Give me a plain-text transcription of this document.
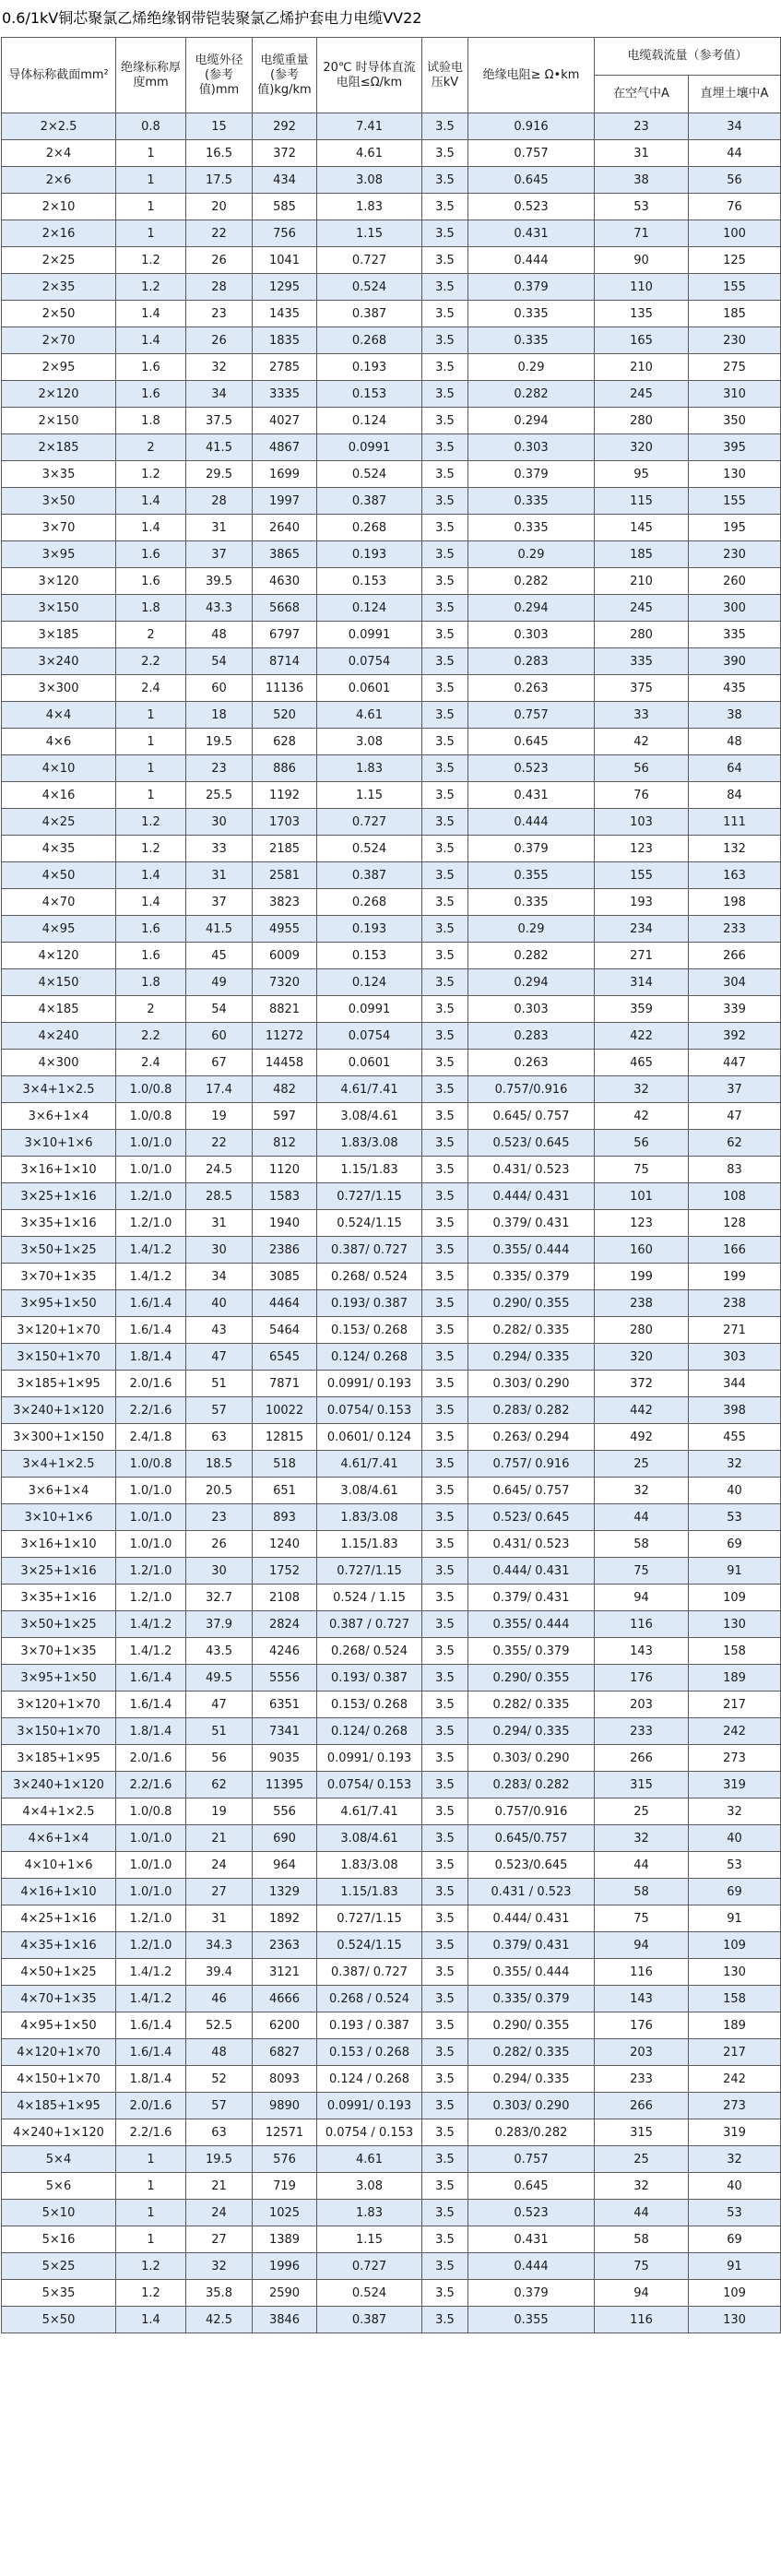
0.6/1kV铜芯聚氯乙烯绝缘钢带铠装聚氯乙烯护套电力电缆VV22
导体标称截面mm²	绝缘标称厚度mm	电缆外径(参考值)mm	电缆重量(参考值)kg/km	20℃ 时导体直流电阻≤Ω/km	试验电压kV	绝缘电阻≥ Ω•km	电缆载流量（参考值）	
							在空气中A	直埋土壤中A
2×2.5	0.8	15	292	7.41	3.5	0.916	23	34
2×4	1	16.5	372	4.61	3.5	0.757	31	44
2×6	1	17.5	434	3.08	3.5	0.645	38	56
2×10	1	20	585	1.83	3.5	0.523	53	76
2×16	1	22	756	1.15	3.5	0.431	71	100
2×25	1.2	26	1041	0.727	3.5	0.444	90	125
2×35	1.2	28	1295	0.524	3.5	0.379	110	155
2×50	1.4	23	1435	0.387	3.5	0.335	135	185
2×70	1.4	26	1835	0.268	3.5	0.335	165	230
2×95	1.6	32	2785	0.193	3.5	0.29	210	275
2×120	1.6	34	3335	0.153	3.5	0.282	245	310
2×150	1.8	37.5	4027	0.124	3.5	0.294	280	350
2×185	2	41.5	4867	0.0991	3.5	0.303	320	395
3×35	1.2	29.5	1699	0.524	3.5	0.379	95	130
3×50	1.4	28	1997	0.387	3.5	0.335	115	155
3×70	1.4	31	2640	0.268	3.5	0.335	145	195
3×95	1.6	37	3865	0.193	3.5	0.29	185	230
3×120	1.6	39.5	4630	0.153	3.5	0.282	210	260
3×150	1.8	43.3	5668	0.124	3.5	0.294	245	300
3×185	2	48	6797	0.0991	3.5	0.303	280	335
3×240	2.2	54	8714	0.0754	3.5	0.283	335	390
3×300	2.4	60	11136	0.0601	3.5	0.263	375	435
4×4	1	18	520	4.61	3.5	0.757	33	38
4×6	1	19.5	628	3.08	3.5	0.645	42	48
4×10	1	23	886	1.83	3.5	0.523	56	64
4×16	1	25.5	1192	1.15	3.5	0.431	76	84
4×25	1.2	30	1703	0.727	3.5	0.444	103	111
4×35	1.2	33	2185	0.524	3.5	0.379	123	132
4×50	1.4	31	2581	0.387	3.5	0.355	155	163
4×70	1.4	37	3823	0.268	3.5	0.335	193	198
4×95	1.6	41.5	4955	0.193	3.5	0.29	234	233
4×120	1.6	45	6009	0.153	3.5	0.282	271	266
4×150	1.8	49	7320	0.124	3.5	0.294	314	304
4×185	2	54	8821	0.0991	3.5	0.303	359	339
4×240	2.2	60	11272	0.0754	3.5	0.283	422	392
4×300	2.4	67	14458	0.0601	3.5	0.263	465	447
3×4+1×2.5	1.0/0.8	17.4	482	4.61/7.41	3.5	0.757/0.916	32	37
3×6+1×4	1.0/0.8	19	597	3.08/4.61	3.5	0.645/ 0.757	42	47
3×10+1×6	1.0/1.0	22	812	1.83/3.08	3.5	0.523/ 0.645	56	62
3×16+1×10	1.0/1.0	24.5	1120	1.15/1.83	3.5	0.431/ 0.523	75	83
3×25+1×16	1.2/1.0	28.5	1583	0.727/1.15	3.5	0.444/ 0.431	101	108
3×35+1×16	1.2/1.0	31	1940	0.524/1.15	3.5	0.379/ 0.431	123	128
3×50+1×25	1.4/1.2	30	2386	0.387/ 0.727	3.5	0.355/ 0.444	160	166
3×70+1×35	1.4/1.2	34	3085	0.268/ 0.524	3.5	0.335/ 0.379	199	199
3×95+1×50	1.6/1.4	40	4464	0.193/ 0.387	3.5	0.290/ 0.355	238	238
3×120+1×70	1.6/1.4	43	5464	0.153/ 0.268	3.5	0.282/ 0.335	280	271
3×150+1×70	1.8/1.4	47	6545	0.124/ 0.268	3.5	0.294/ 0.335	320	303
3×185+1×95	2.0/1.6	51	7871	0.0991/ 0.193	3.5	0.303/ 0.290	372	344
3×240+1×120	2.2/1.6	57	10022	0.0754/ 0.153	3.5	0.283/ 0.282	442	398
3×300+1×150	2.4/1.8	63	12815	0.0601/ 0.124	3.5	0.263/ 0.294	492	455
3×4+1×2.5	1.0/0.8	18.5	518	4.61/7.41	3.5	0.757/ 0.916	25	32
3×6+1×4	1.0/1.0	20.5	651	3.08/4.61	3.5	0.645/ 0.757	32	40
3×10+1×6	1.0/1.0	23	893	1.83/3.08	3.5	0.523/ 0.645	44	53
3×16+1×10	1.0/1.0	26	1240	1.15/1.83	3.5	0.431/ 0.523	58	69
3×25+1×16	1.2/1.0	30	1752	0.727/1.15	3.5	0.444/ 0.431	75	91
3×35+1×16	1.2/1.0	32.7	2108	0.524 / 1.15	3.5	0.379/ 0.431	94	109
3×50+1×25	1.4/1.2	37.9	2824	0.387 / 0.727	3.5	0.355/ 0.444	116	130
3×70+1×35	1.4/1.2	43.5	4246	0.268/ 0.524	3.5	0.355/ 0.379	143	158
3×95+1×50	1.6/1.4	49.5	5556	0.193/ 0.387	3.5	0.290/ 0.355	176	189
3×120+1×70	1.6/1.4	47	6351	0.153/ 0.268	3.5	0.282/ 0.335	203	217
3×150+1×70	1.8/1.4	51	7341	0.124/ 0.268	3.5	0.294/ 0.335	233	242
3×185+1×95	2.0/1.6	56	9035	0.0991/ 0.193	3.5	0.303/ 0.290	266	273
3×240+1×120	2.2/1.6	62	11395	0.0754/ 0.153	3.5	0.283/ 0.282	315	319
4×4+1×2.5	1.0/0.8	19	556	4.61/7.41	3.5	0.757/0.916	25	32
4×6+1×4	1.0/1.0	21	690	3.08/4.61	3.5	0.645/0.757	32	40
4×10+1×6	1.0/1.0	24	964	1.83/3.08	3.5	0.523/0.645	44	53
4×16+1×10	1.0/1.0	27	1329	1.15/1.83	3.5	0.431 / 0.523	58	69
4×25+1×16	1.2/1.0	31	1892	0.727/1.15	3.5	0.444/ 0.431	75	91
4×35+1×16	1.2/1.0	34.3	2363	0.524/1.15	3.5	0.379/ 0.431	94	109
4×50+1×25	1.4/1.2	39.4	3121	0.387/ 0.727	3.5	0.355/ 0.444	116	130
4×70+1×35	1.4/1.2	46	4666	0.268 / 0.524	3.5	0.335/ 0.379	143	158
4×95+1×50	1.6/1.4	52.5	6200	0.193 / 0.387	3.5	0.290/ 0.355	176	189
4×120+1×70	1.6/1.4	48	6827	0.153 / 0.268	3.5	0.282/ 0.335	203	217
4×150+1×70	1.8/1.4	52	8093	0.124 / 0.268	3.5	0.294/ 0.335	233	242
4×185+1×95	2.0/1.6	57	9890	0.0991/ 0.193	3.5	0.303/ 0.290	266	273
4×240+1×120	2.2/1.6	63	12571	0.0754 / 0.153	3.5	0.283/0.282	315	319
5×4	1	19.5	576	4.61	3.5	0.757	25	32
5×6	1	21	719	3.08	3.5	0.645	32	40
5×10	1	24	1025	1.83	3.5	0.523	44	53
5×16	1	27	1389	1.15	3.5	0.431	58	69
5×25	1.2	32	1996	0.727	3.5	0.444	75	91
5×35	1.2	35.8	2590	0.524	3.5	0.379	94	109
5×50	1.4	42.5	3846	0.387	3.5	0.355	116	130
